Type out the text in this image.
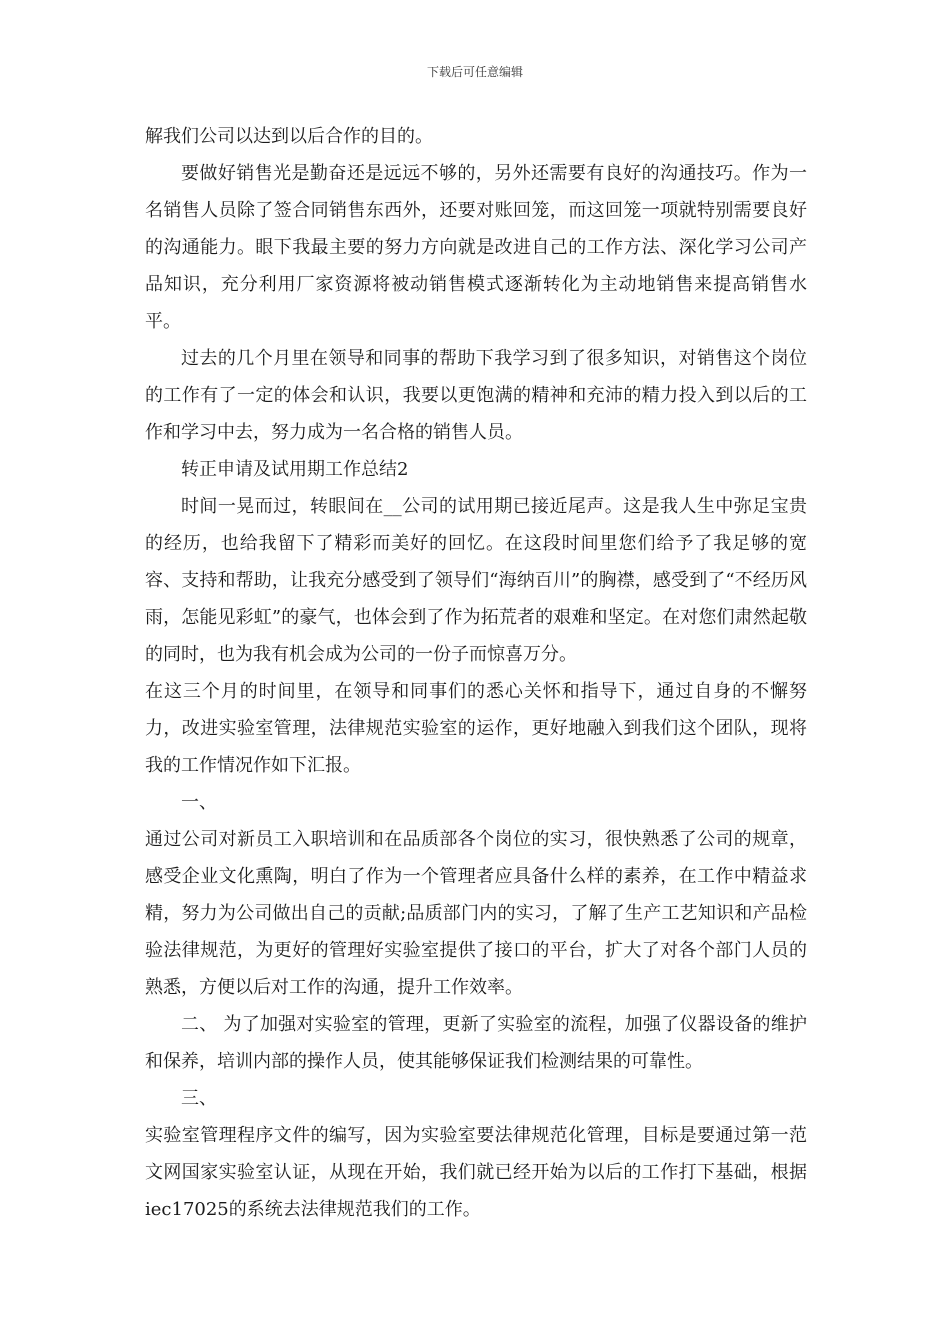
下载后可任意编辑

解我们公司以达到以后合作的目的。

要做好销售光是勤奋还是远远不够的，另外还需要有良好的沟通技巧。作为一名销售人员除了签合同销售东西外，还要对账回笼，而这回笼一项就特别需要良好的沟通能力。眼下我最主要的努力方向就是改进自己的工作方法、深化学习公司产品知识，充分利用厂家资源将被动销售模式逐渐转化为主动地销售来提高销售水平。

过去的几个月里在领导和同事的帮助下我学习到了很多知识，对销售这个岗位的工作有了一定的体会和认识，我要以更饱满的精神和充沛的精力投入到以后的工作和学习中去，努力成为一名合格的销售人员。

转正申请及试用期工作总结2

时间一晃而过，转眼间在__公司的试用期已接近尾声。这是我人生中弥足宝贵的经历，也给我留下了精彩而美好的回忆。在这段时间里您们给予了我足够的宽容、支持和帮助，让我充分感受到了领导们“海纳百川”的胸襟，感受到了“不经历风雨，怎能见彩虹”的豪气，也体会到了作为拓荒者的艰难和坚定。在对您们肃然起敬的同时，也为我有机会成为公司的一份子而惊喜万分。

在这三个月的时间里，在领导和同事们的悉心关怀和指导下，通过自身的不懈努力，改进实验室管理，法律规范实验室的运作，更好地融入到我们这个团队，现将我的工作情况作如下汇报。

一、

通过公司对新员工入职培训和在品质部各个岗位的实习，很快熟悉了公司的规章，感受企业文化熏陶，明白了作为一个管理者应具备什么样的素养，在工作中精益求精，努力为公司做出自己的贡献;品质部门内的实习，了解了生产工艺知识和产品检验法律规范，为更好的管理好实验室提供了接口的平台，扩大了对各个部门人员的熟悉，方便以后对工作的沟通，提升工作效率。

二、 为了加强对实验室的管理，更新了实验室的流程，加强了仪器设备的维护和保养，培训内部的操作人员，使其能够保证我们检测结果的可靠性。

三、

实验室管理程序文件的编写，因为实验室要法律规范化管理，目标是要通过第一范文网国家实验室认证，从现在开始，我们就已经开始为以后的工作打下基础，根据iec17025的系统去法律规范我们的工作。
